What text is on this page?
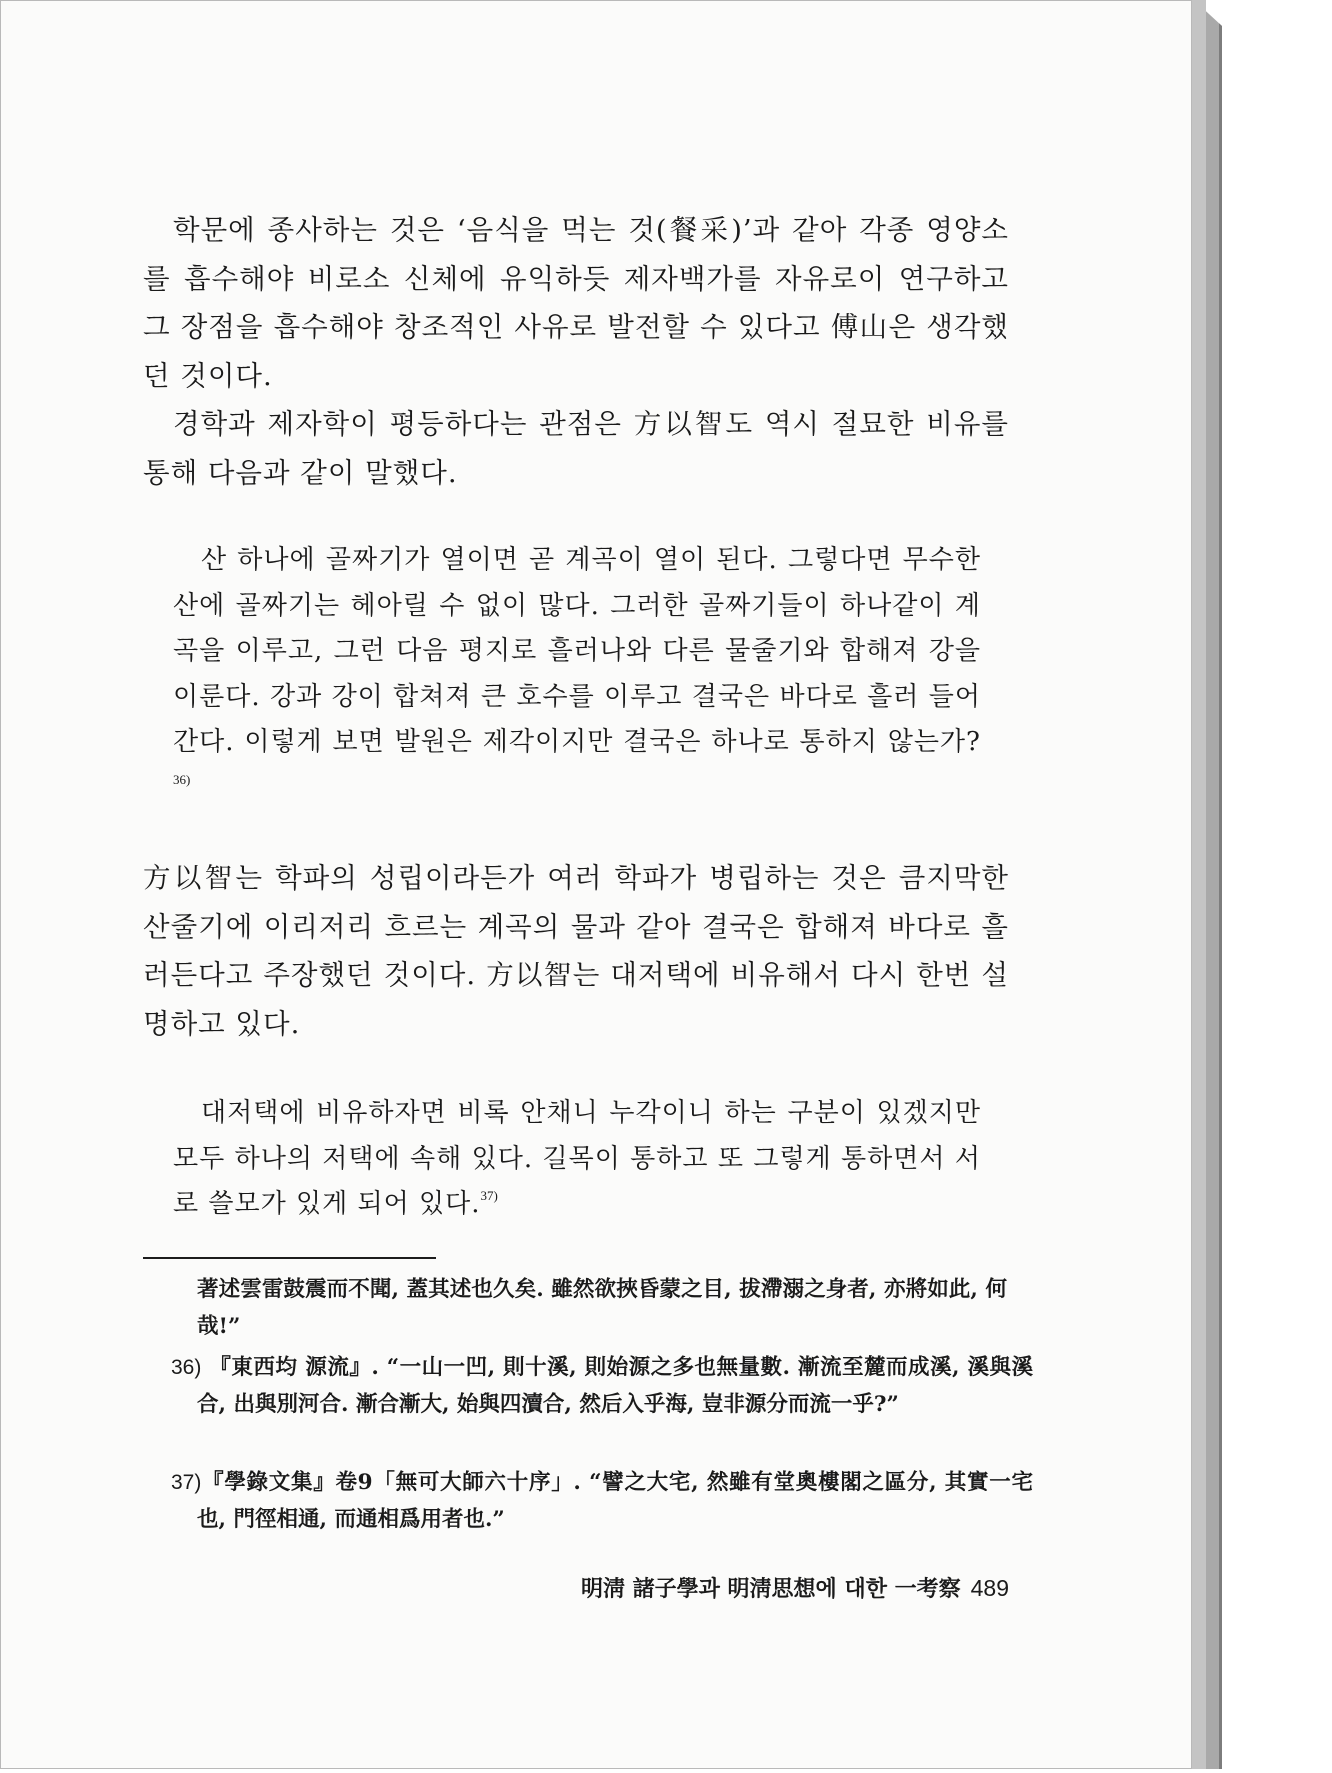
학문에 종사하는 것은 ‘음식을 먹는 것(餐采)’과 같아 각종 영양소를 흡수해야 비로소 신체에 유익하듯 제자백가를 자유로이 연구하고 그 장점을 흡수해야 창조적인 사유로 발전할 수 있다고 傅山은 생각했던 것이다.

경학과 제자학이 평등하다는 관점은 方以智도 역시 절묘한 비유를 통해 다음과 같이 말했다.

산 하나에 골짜기가 열이면 곧 계곡이 열이 된다. 그렇다면 무수한 산에 골짜기는 헤아릴 수 없이 많다. 그러한 골짜기들이 하나같이 계곡을 이루고, 그런 다음 평지로 흘러나와 다른 물줄기와 합해져 강을 이룬다. 강과 강이 합쳐져 큰 호수를 이루고 결국은 바다로 흘러 들어간다. 이렇게 보면 발원은 제각이지만 결국은 하나로 통하지 않는가?$^{36)}$

方以智는 학파의 성립이라든가 여러 학파가 병립하는 것은 큼지막한 산줄기에 이리저리 흐르는 계곡의 물과 같아 결국은 합해져 바다로 흘러든다고 주장했던 것이다. 方以智는 대저택에 비유해서 다시 한번 설명하고 있다.

대저택에 비유하자면 비록 안채니 누각이니 하는 구분이 있겠지만 모두 하나의 저택에 속해 있다. 길목이 통하고 또 그렇게 통하면서 서로 쓸모가 있게 되어 있다.$^{37)}$

著述雲雷鼓震而不聞, 蓋其述也久矣. 雖然欲挾昏蒙之目, 拔滯溺之身者, 亦將如此, 何哉!”

36) 『東西均 源流』. “一山一凹, 則十溪, 則始源之多也無量數. 漸流至麓而成溪, 溪與溪合, 出與別河合. 漸合漸大, 始與四瀆合, 然后入乎海, 豈非源分而流一乎?”

37)『學錄文集』卷9「無可大師六十序」. “譬之大宅, 然雖有堂奧樓閣之區分, 其實一宅也, 門徑相通, 而通相爲用者也.”

明淸 諸子學과 明淸思想에 대한 一考察 489
